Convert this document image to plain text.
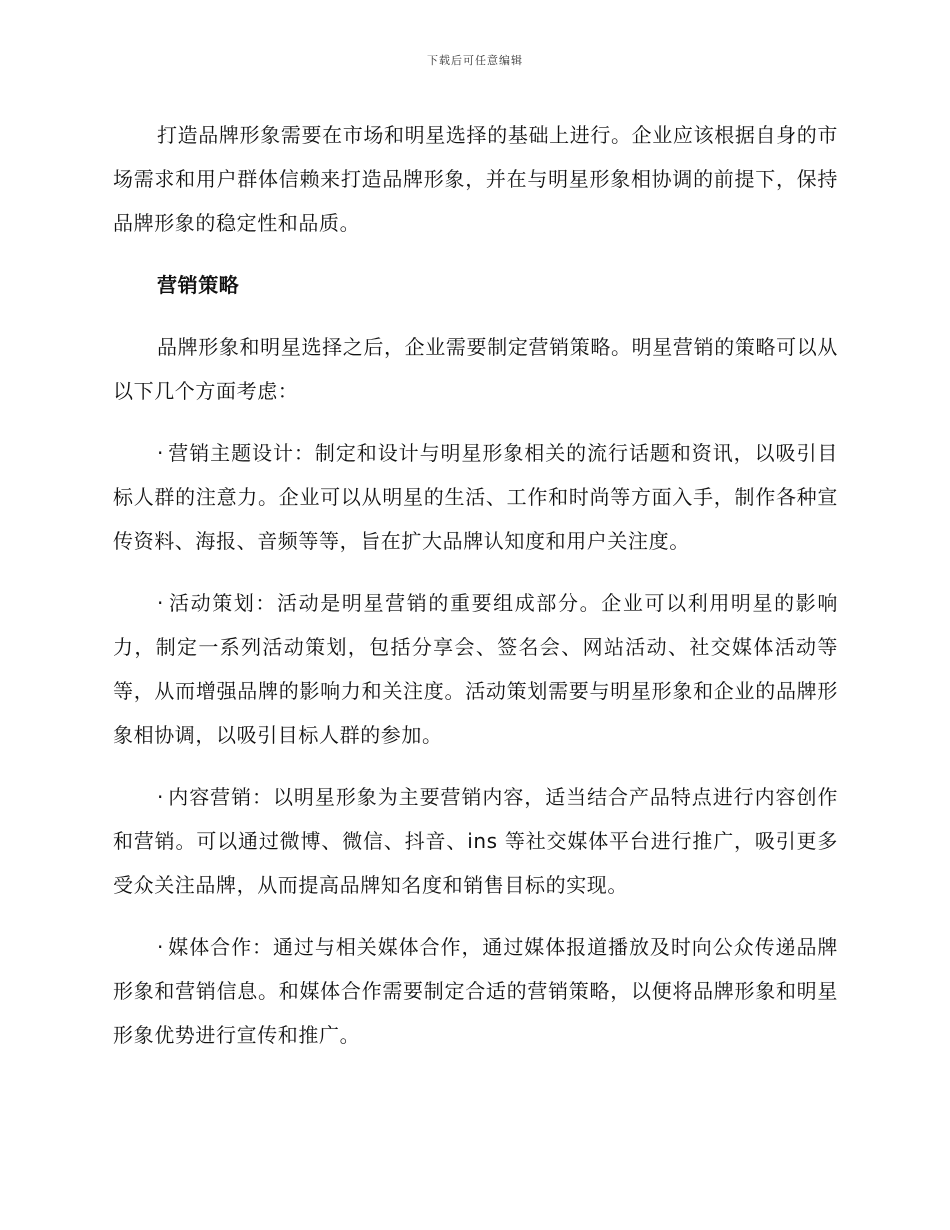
下载后可任意编辑

打造品牌形象需要在市场和明星选择的基础上进行。企业应该根据自身的市场需求和用户群体信赖来打造品牌形象，并在与明星形象相协调的前提下，保持品牌形象的稳定性和品质。

营销策略

品牌形象和明星选择之后，企业需要制定营销策略。明星营销的策略可以从以下几个方面考虑：

· 营销主题设计：制定和设计与明星形象相关的流行话题和资讯，以吸引目标人群的注意力。企业可以从明星的生活、工作和时尚等方面入手，制作各种宣传资料、海报、音频等等，旨在扩大品牌认知度和用户关注度。

· 活动策划：活动是明星营销的重要组成部分。企业可以利用明星的影响力，制定一系列活动策划，包括分享会、签名会、网站活动、社交媒体活动等等，从而增强品牌的影响力和关注度。活动策划需要与明星形象和企业的品牌形象相协调，以吸引目标人群的参加。

· 内容营销：以明星形象为主要营销内容，适当结合产品特点进行内容创作和营销。可以通过微博、微信、抖音、ins 等社交媒体平台进行推广，吸引更多受众关注品牌，从而提高品牌知名度和销售目标的实现。

· 媒体合作：通过与相关媒体合作，通过媒体报道播放及时向公众传递品牌形象和营销信息。和媒体合作需要制定合适的营销策略，以便将品牌形象和明星形象优势进行宣传和推广。
